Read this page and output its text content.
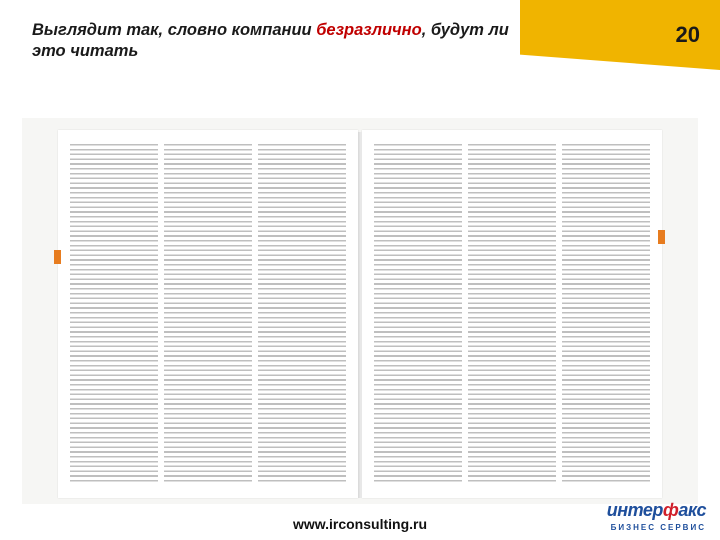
Выглядит так, словно компании безразлично, будут ли это читать
20
www.irconsulting.ru
интерфакс
БИЗНЕС СЕРВИС
